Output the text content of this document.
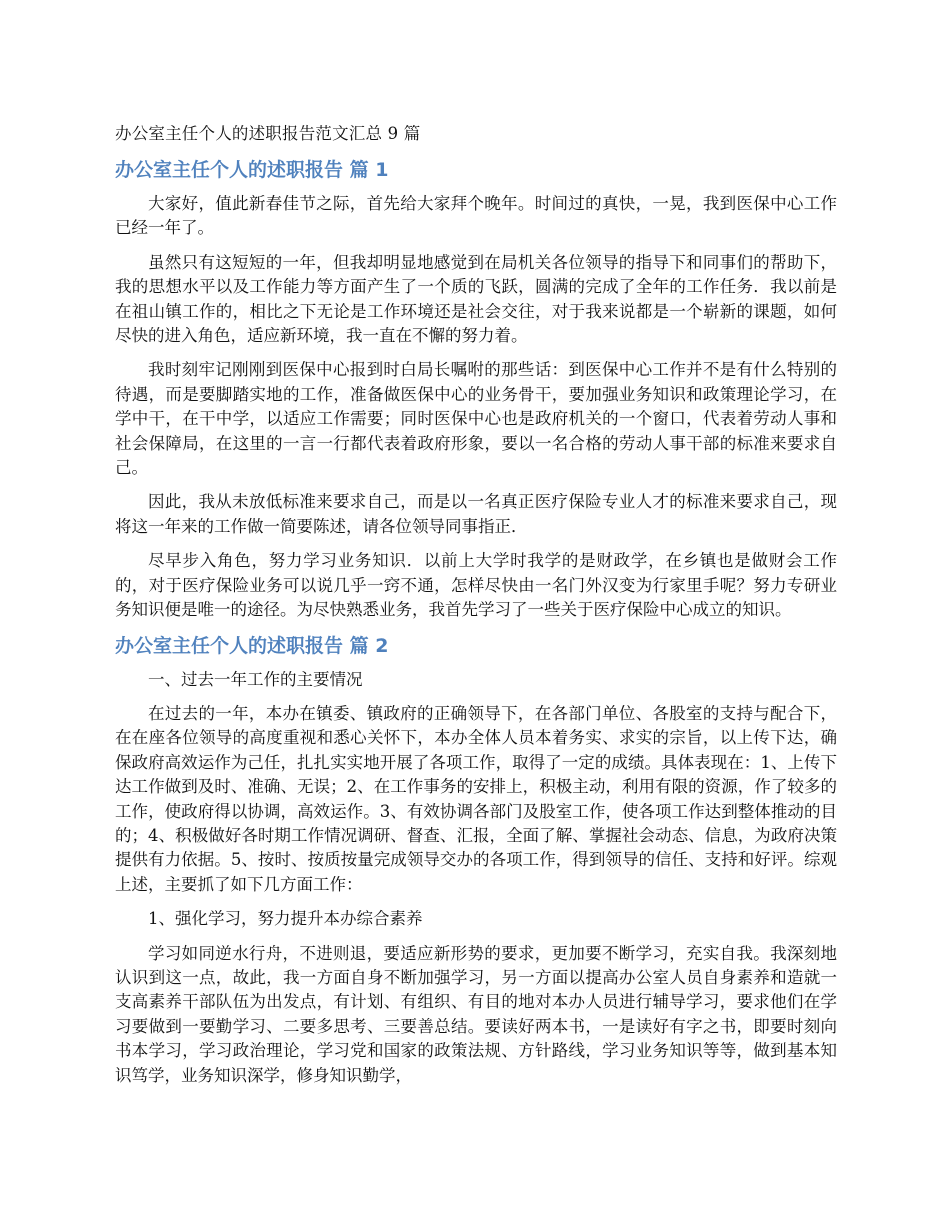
办公室主任个人的述职报告范文汇总 9 篇
办公室主任个人的述职报告 篇 1

大家好，值此新春佳节之际，首先给大家拜个晚年。时间过的真快，一晃，我到医保中心工作已经一年了。

虽然只有这短短的一年，但我却明显地感觉到在局机关各位领导的指导下和同事们的帮助下，我的思想水平以及工作能力等方面产生了一个质的飞跃，圆满的完成了全年的工作任务．我以前是在祖山镇工作的，相比之下无论是工作环境还是社会交往，对于我来说都是一个崭新的课题，如何尽快的进入角色，适应新环境，我一直在不懈的努力着。

我时刻牢记刚刚到医保中心报到时白局长嘱咐的那些话：到医保中心工作并不是有什么特别的待遇，而是要脚踏实地的工作，准备做医保中心的业务骨干，要加强业务知识和政策理论学习，在学中干，在干中学，以适应工作需要；同时医保中心也是政府机关的一个窗口，代表着劳动人事和社会保障局，在这里的一言一行都代表着政府形象，要以一名合格的劳动人事干部的标准来要求自己。

因此，我从未放低标准来要求自己，而是以一名真正医疗保险专业人才的标准来要求自己，现将这一年来的工作做一简要陈述，请各位领导同事指正．

尽早步入角色，努力学习业务知识．以前上大学时我学的是财政学，在乡镇也是做财会工作的，对于医疗保险业务可以说几乎一窍不通，怎样尽快由一名门外汉变为行家里手呢？努力专研业务知识便是唯一的途径。为尽快熟悉业务，我首先学习了一些关于医疗保险中心成立的知识。

办公室主任个人的述职报告 篇 2

一、过去一年工作的主要情况

在过去的一年，本办在镇委、镇政府的正确领导下，在各部门单位、各股室的支持与配合下，在在座各位领导的高度重视和悉心关怀下，本办全体人员本着务实、求实的宗旨，以上传下达，确保政府高效运作为己任，扎扎实实地开展了各项工作，取得了一定的成绩。具体表现在：1、上传下达工作做到及时、准确、无误；2、在工作事务的安排上，积极主动，利用有限的资源，作了较多的工作，使政府得以协调，高效运作。3、有效协调各部门及股室工作，使各项工作达到整体推动的目的；4、积极做好各时期工作情况调研、督查、汇报，全面了解、掌握社会动态、信息，为政府决策提供有力依据。5、按时、按质按量完成领导交办的各项工作，得到领导的信任、支持和好评。综观上述，主要抓了如下几方面工作：

1、强化学习，努力提升本办综合素养

学习如同逆水行舟，不进则退，要适应新形势的要求，更加要不断学习，充实自我。我深刻地认识到这一点，故此，我一方面自身不断加强学习，另一方面以提高办公室人员自身素养和造就一支高素养干部队伍为出发点，有计划、有组织、有目的地对本办人员进行辅导学习，要求他们在学习要做到一要勤学习、二要多思考、三要善总结。要读好两本书，一是读好有字之书，即要时刻向书本学习，学习政治理论，学习党和国家的政策法规、方针路线，学习业务知识等等，做到基本知识笃学，业务知识深学，修身知识勤学，
